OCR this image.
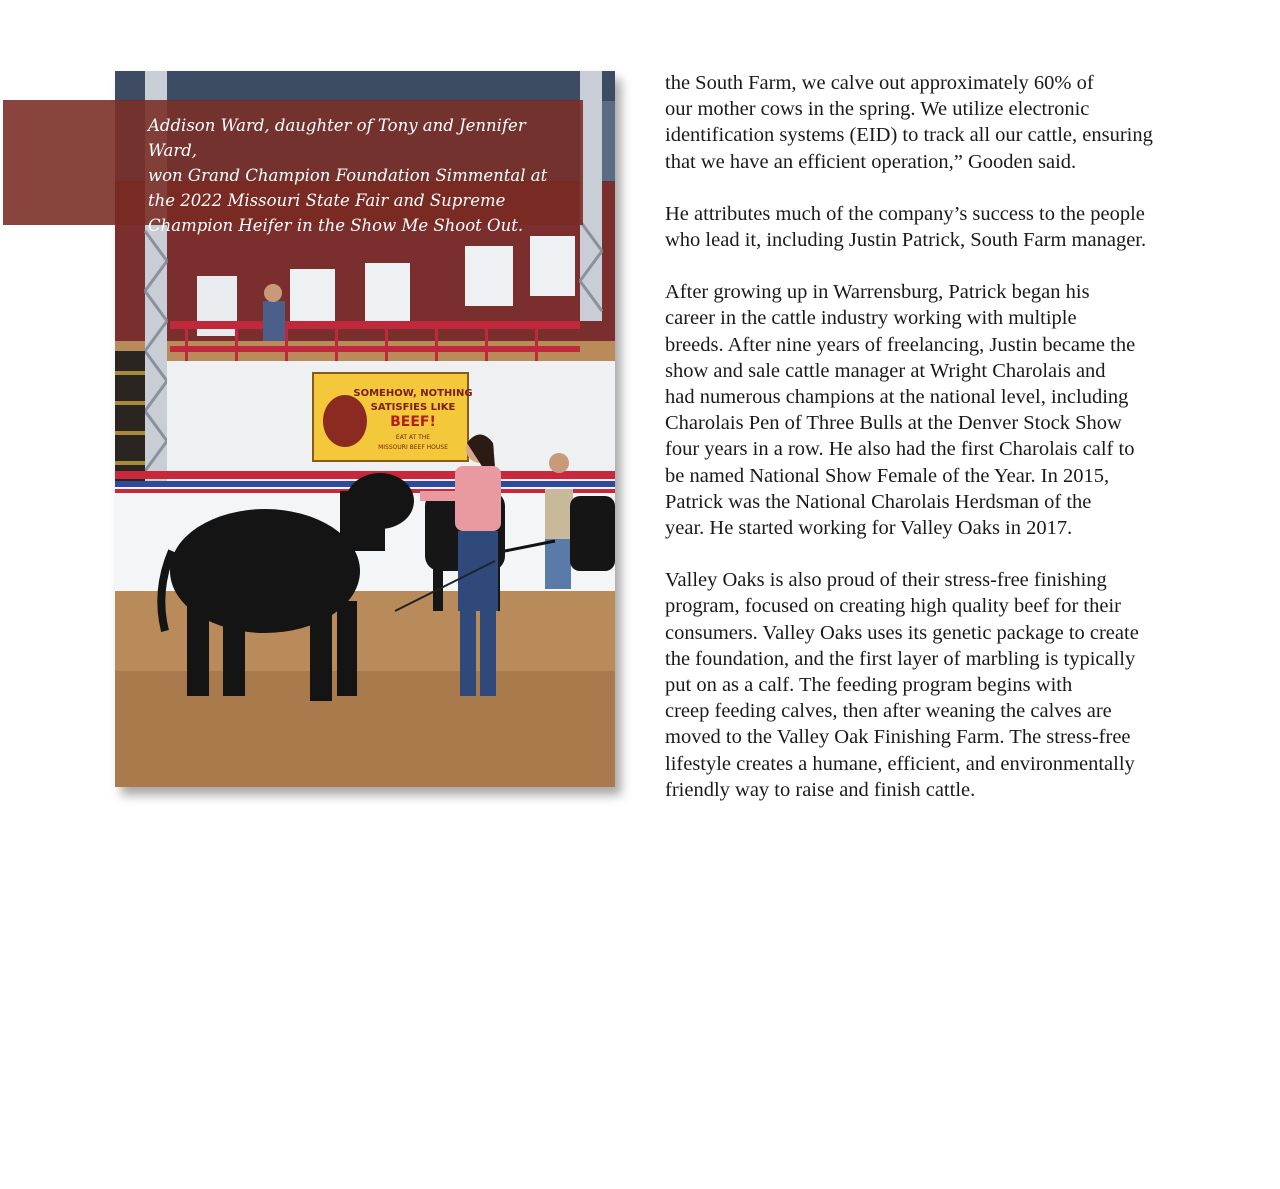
SOMEHOW, NOTHING
SATISFIES LIKE
BEEF!
EAT AT THE
MISSOURI BEEF HOUSE

Addison Ward, daughter of Tony and Jennifer Ward,
won Grand Champion Foundation Simmental at
the 2022 Missouri State Fair and Supreme
Champion Heifer in the Show Me Shoot Out.

the South Farm, we calve out approximately 60% of
our mother cows in the spring. We utilize electronic
identification systems (EID) to track all our cattle, ensuring
that we have an efficient operation,” Gooden said.

He attributes much of the company’s success to the people
who lead it, including Justin Patrick, South Farm manager.

After growing up in Warrensburg, Patrick began his
career in the cattle industry working with multiple
breeds. After nine years of freelancing, Justin became the
show and sale cattle manager at Wright Charolais and
had numerous champions at the national level, including
Charolais Pen of Three Bulls at the Denver Stock Show
four years in a row. He also had the first Charolais calf to
be named National Show Female of the Year. In 2015,
Patrick was the National Charolais Herdsman of the
year. He started working for Valley Oaks in 2017.

Valley Oaks is also proud of their stress-free finishing
program, focused on creating high quality beef for their
consumers. Valley Oaks uses its genetic package to create
the foundation, and the first layer of marbling is typically
put on as a calf. The feeding program begins with
creep feeding calves, then after weaning the calves are
moved to the Valley Oak Finishing Farm. The stress-free
lifestyle creates a humane, efficient, and environmentally
friendly way to raise and finish cattle.
